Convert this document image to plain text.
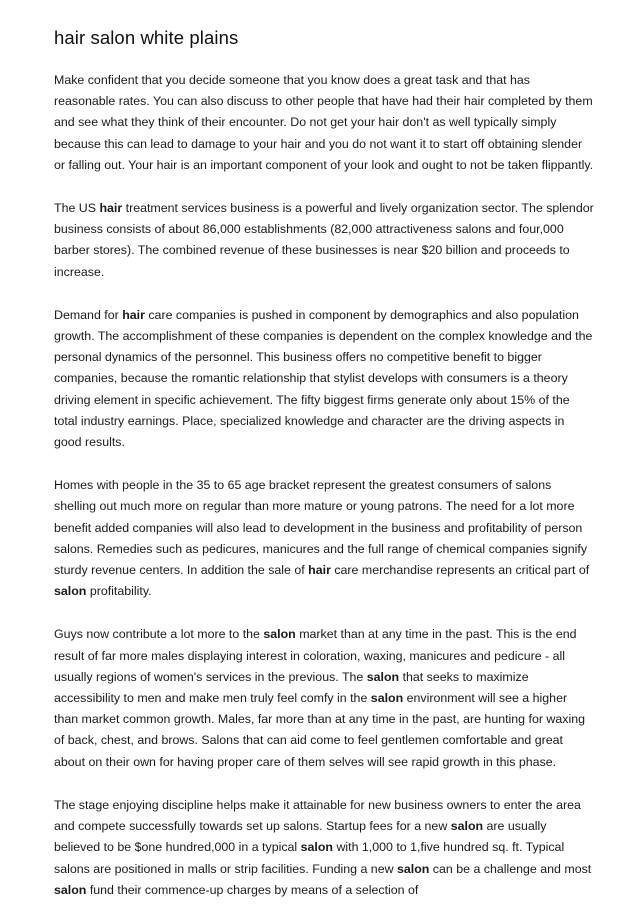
hair salon white plains

Make confident that you decide someone that you know does a great task and that has reasonable rates. You can also discuss to other people that have had their hair completed by them and see what they think of their encounter. Do not get your hair don't as well typically simply because this can lead to damage to your hair and you do not want it to start off obtaining slender or falling out. Your hair is an important component of your look and ought to not be taken flippantly.

The US hair treatment services business is a powerful and lively organization sector. The splendor business consists of about 86,000 establishments (82,000 attractiveness salons and four,000 barber stores). The combined revenue of these businesses is near $20 billion and proceeds to increase.

Demand for hair care companies is pushed in component by demographics and also population growth. The accomplishment of these companies is dependent on the complex knowledge and the personal dynamics of the personnel. This business offers no competitive benefit to bigger companies, because the romantic relationship that stylist develops with consumers is a theory driving element in specific achievement. The fifty biggest firms generate only about 15% of the total industry earnings. Place, specialized knowledge and character are the driving aspects in good results.

Homes with people in the 35 to 65 age bracket represent the greatest consumers of salons shelling out much more on regular than more mature or young patrons. The need for a lot more benefit added companies will also lead to development in the business and profitability of person salons. Remedies such as pedicures, manicures and the full range of chemical companies signify sturdy revenue centers. In addition the sale of hair care merchandise represents an critical part of salon profitability.

Guys now contribute a lot more to the salon market than at any time in the past. This is the end result of far more males displaying interest in coloration, waxing, manicures and pedicure - all usually regions of women's services in the previous. The salon that seeks to maximize accessibility to men and make men truly feel comfy in the salon environment will see a higher than market common growth. Males, far more than at any time in the past, are hunting for waxing of back, chest, and brows. Salons that can aid come to feel gentlemen comfortable and great about on their own for having proper care of them selves will see rapid growth in this phase.

The stage enjoying discipline helps make it attainable for new business owners to enter the area and compete successfully towards set up salons. Startup fees for a new salon are usually believed to be $one hundred,000 in a typical salon with 1,000 to 1,five hundred sq. ft. Typical salons are positioned in malls or strip facilities. Funding a new salon can be a challenge and most salon fund their commence-up charges by means of a selection of
